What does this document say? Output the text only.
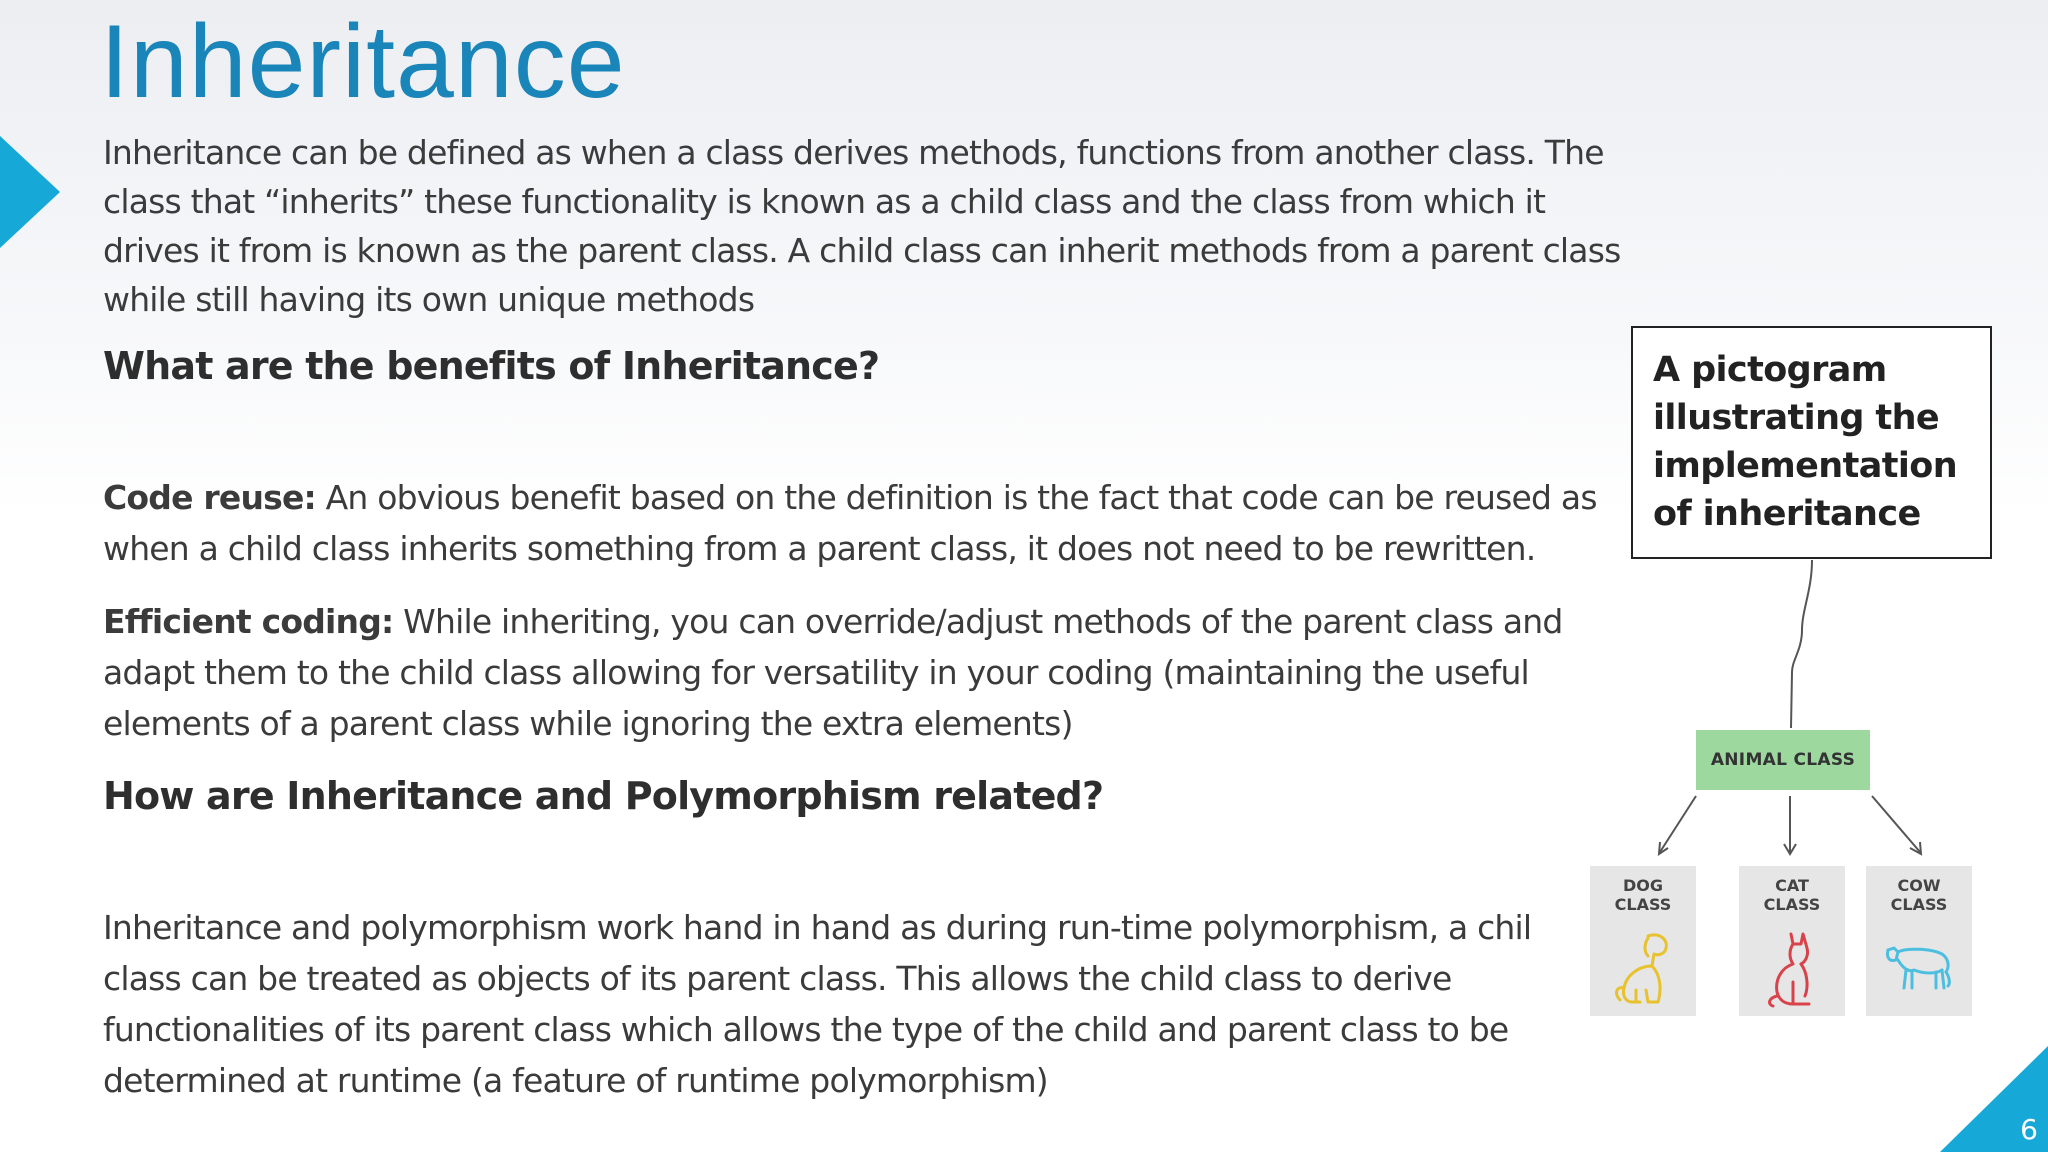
6
Inheritance

Inheritance can be defined as when a class derives methods, functions from another class. The class that “inherits” these functionality is known as a child class and the class from which it drives it from is known as the parent class. A child class can inherit methods from a parent class while still having its own unique methods

What are the benefits of Inheritance?

Code reuse: An obvious benefit based on the definition is the fact that code can be reused as when a child class inherits something from a parent class, it does not need to be rewritten.

Efficient coding: While inheriting, you can override/adjust methods of the parent class and adapt them to the child class allowing for versatility in your coding (maintaining the useful elements of a parent class while ignoring the extra elements)

How are Inheritance and Polymorphism related?

Inheritance and polymorphism work hand in hand as during run-time polymorphism, a chil class can be treated as objects of its parent class. This allows the child class to derive functionalities of its parent class which allows the type of the child and parent class to be determined at runtime (a feature of runtime polymorphism)

A pictogram illustrating the implementation of inheritance
ANIMAL CLASS
DOG
CLASS
CAT
CLASS
COW
CLASS
